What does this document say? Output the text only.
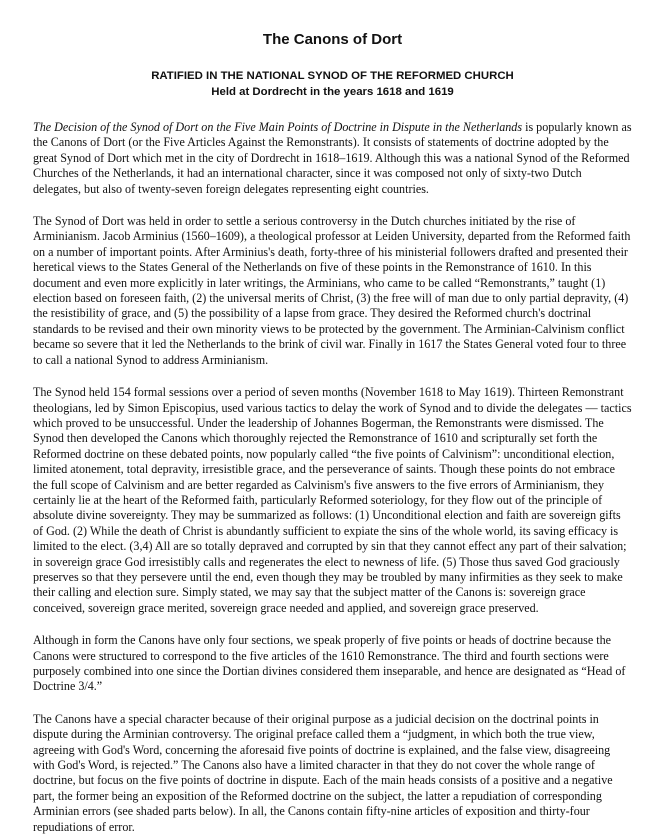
The Canons of Dort
RATIFIED IN THE NATIONAL SYNOD OF THE REFORMED CHURCH
Held at Dordrecht in the years 1618 and 1619

The Decision of the Synod of Dort on the Five Main Points of Doctrine in Dispute in the Netherlands is popularly known as the Canons of Dort (or the Five Articles Against the Remonstrants). It consists of statements of doctrine adopted by the great Synod of Dort which met in the city of Dordrecht in 1618–1619. Although this was a national Synod of the Reformed Churches of the Netherlands, it had an international character, since it was composed not only of sixty-two Dutch delegates, but also of twenty-seven foreign delegates representing eight countries.

The Synod of Dort was held in order to settle a serious controversy in the Dutch churches initiated by the rise of Arminianism. Jacob Arminius (1560–1609), a theological professor at Leiden University, departed from the Reformed faith on a number of important points. After Arminius's death, forty-three of his ministerial followers drafted and presented their heretical views to the States General of the Netherlands on five of these points in the Remonstrance of 1610. In this document and even more explicitly in later writings, the Arminians, who came to be called “Remonstrants,” taught (1) election based on foreseen faith, (2) the universal merits of Christ, (3) the free will of man due to only partial depravity, (4) the resistibility of grace, and (5) the possibility of a lapse from grace. They desired the Reformed church's doctrinal standards to be revised and their own minority views to be protected by the government. The Arminian-Calvinism conflict became so severe that it led the Netherlands to the brink of civil war. Finally in 1617 the States General voted four to three to call a national Synod to address Arminianism.

The Synod held 154 formal sessions over a period of seven months (November 1618 to May 1619). Thirteen Remonstrant theologians, led by Simon Episcopius, used various tactics to delay the work of Synod and to divide the delegates — tactics which proved to be unsuccessful. Under the leadership of Johannes Bogerman, the Remonstrants were dismissed. The Synod then developed the Canons which thoroughly rejected the Remonstrance of 1610 and scripturally set forth the Reformed doctrine on these debated points, now popularly called “the five points of Calvinism”: unconditional election, limited atonement, total depravity, irresistible grace, and the perseverance of saints. Though these points do not embrace the full scope of Calvinism and are better regarded as Calvinism's five answers to the five errors of Arminianism, they certainly lie at the heart of the Reformed faith, particularly Reformed soteriology, for they flow out of the principle of absolute divine sovereignty. They may be summarized as follows: (1) Unconditional election and faith are sovereign gifts of God. (2) While the death of Christ is abundantly sufficient to expiate the sins of the whole world, its saving efficacy is limited to the elect. (3,4) All are so totally depraved and corrupted by sin that they cannot effect any part of their salvation; in sovereign grace God irresistibly calls and regenerates the elect to newness of life. (5) Those thus saved God graciously preserves so that they persevere until the end, even though they may be troubled by many infirmities as they seek to make their calling and election sure. Simply stated, we may say that the subject matter of the Canons is: sovereign grace conceived, sovereign grace merited, sovereign grace needed and applied, and sovereign grace preserved.

Although in form the Canons have only four sections, we speak properly of five points or heads of doctrine because the Canons were structured to correspond to the five articles of the 1610 Remonstrance. The third and fourth sections were purposely combined into one since the Dortian divines considered them inseparable, and hence are designated as “Head of Doctrine 3/4.”

The Canons have a special character because of their original purpose as a judicial decision on the doctrinal points in dispute during the Arminian controversy. The original preface called them a “judgment, in which both the true view, agreeing with God's Word, concerning the aforesaid five points of doctrine is explained, and the false view, disagreeing with God's Word, is rejected.” The Canons also have a limited character in that they do not cover the whole range of doctrine, but focus on the five points of doctrine in dispute. Each of the main heads consists of a positive and a negative part, the former being an exposition of the Reformed doctrine on the subject, the latter a repudiation of corresponding Arminian errors (see shaded parts below). In all, the Canons contain fifty-nine articles of exposition and thirty-four repudiations of error.
